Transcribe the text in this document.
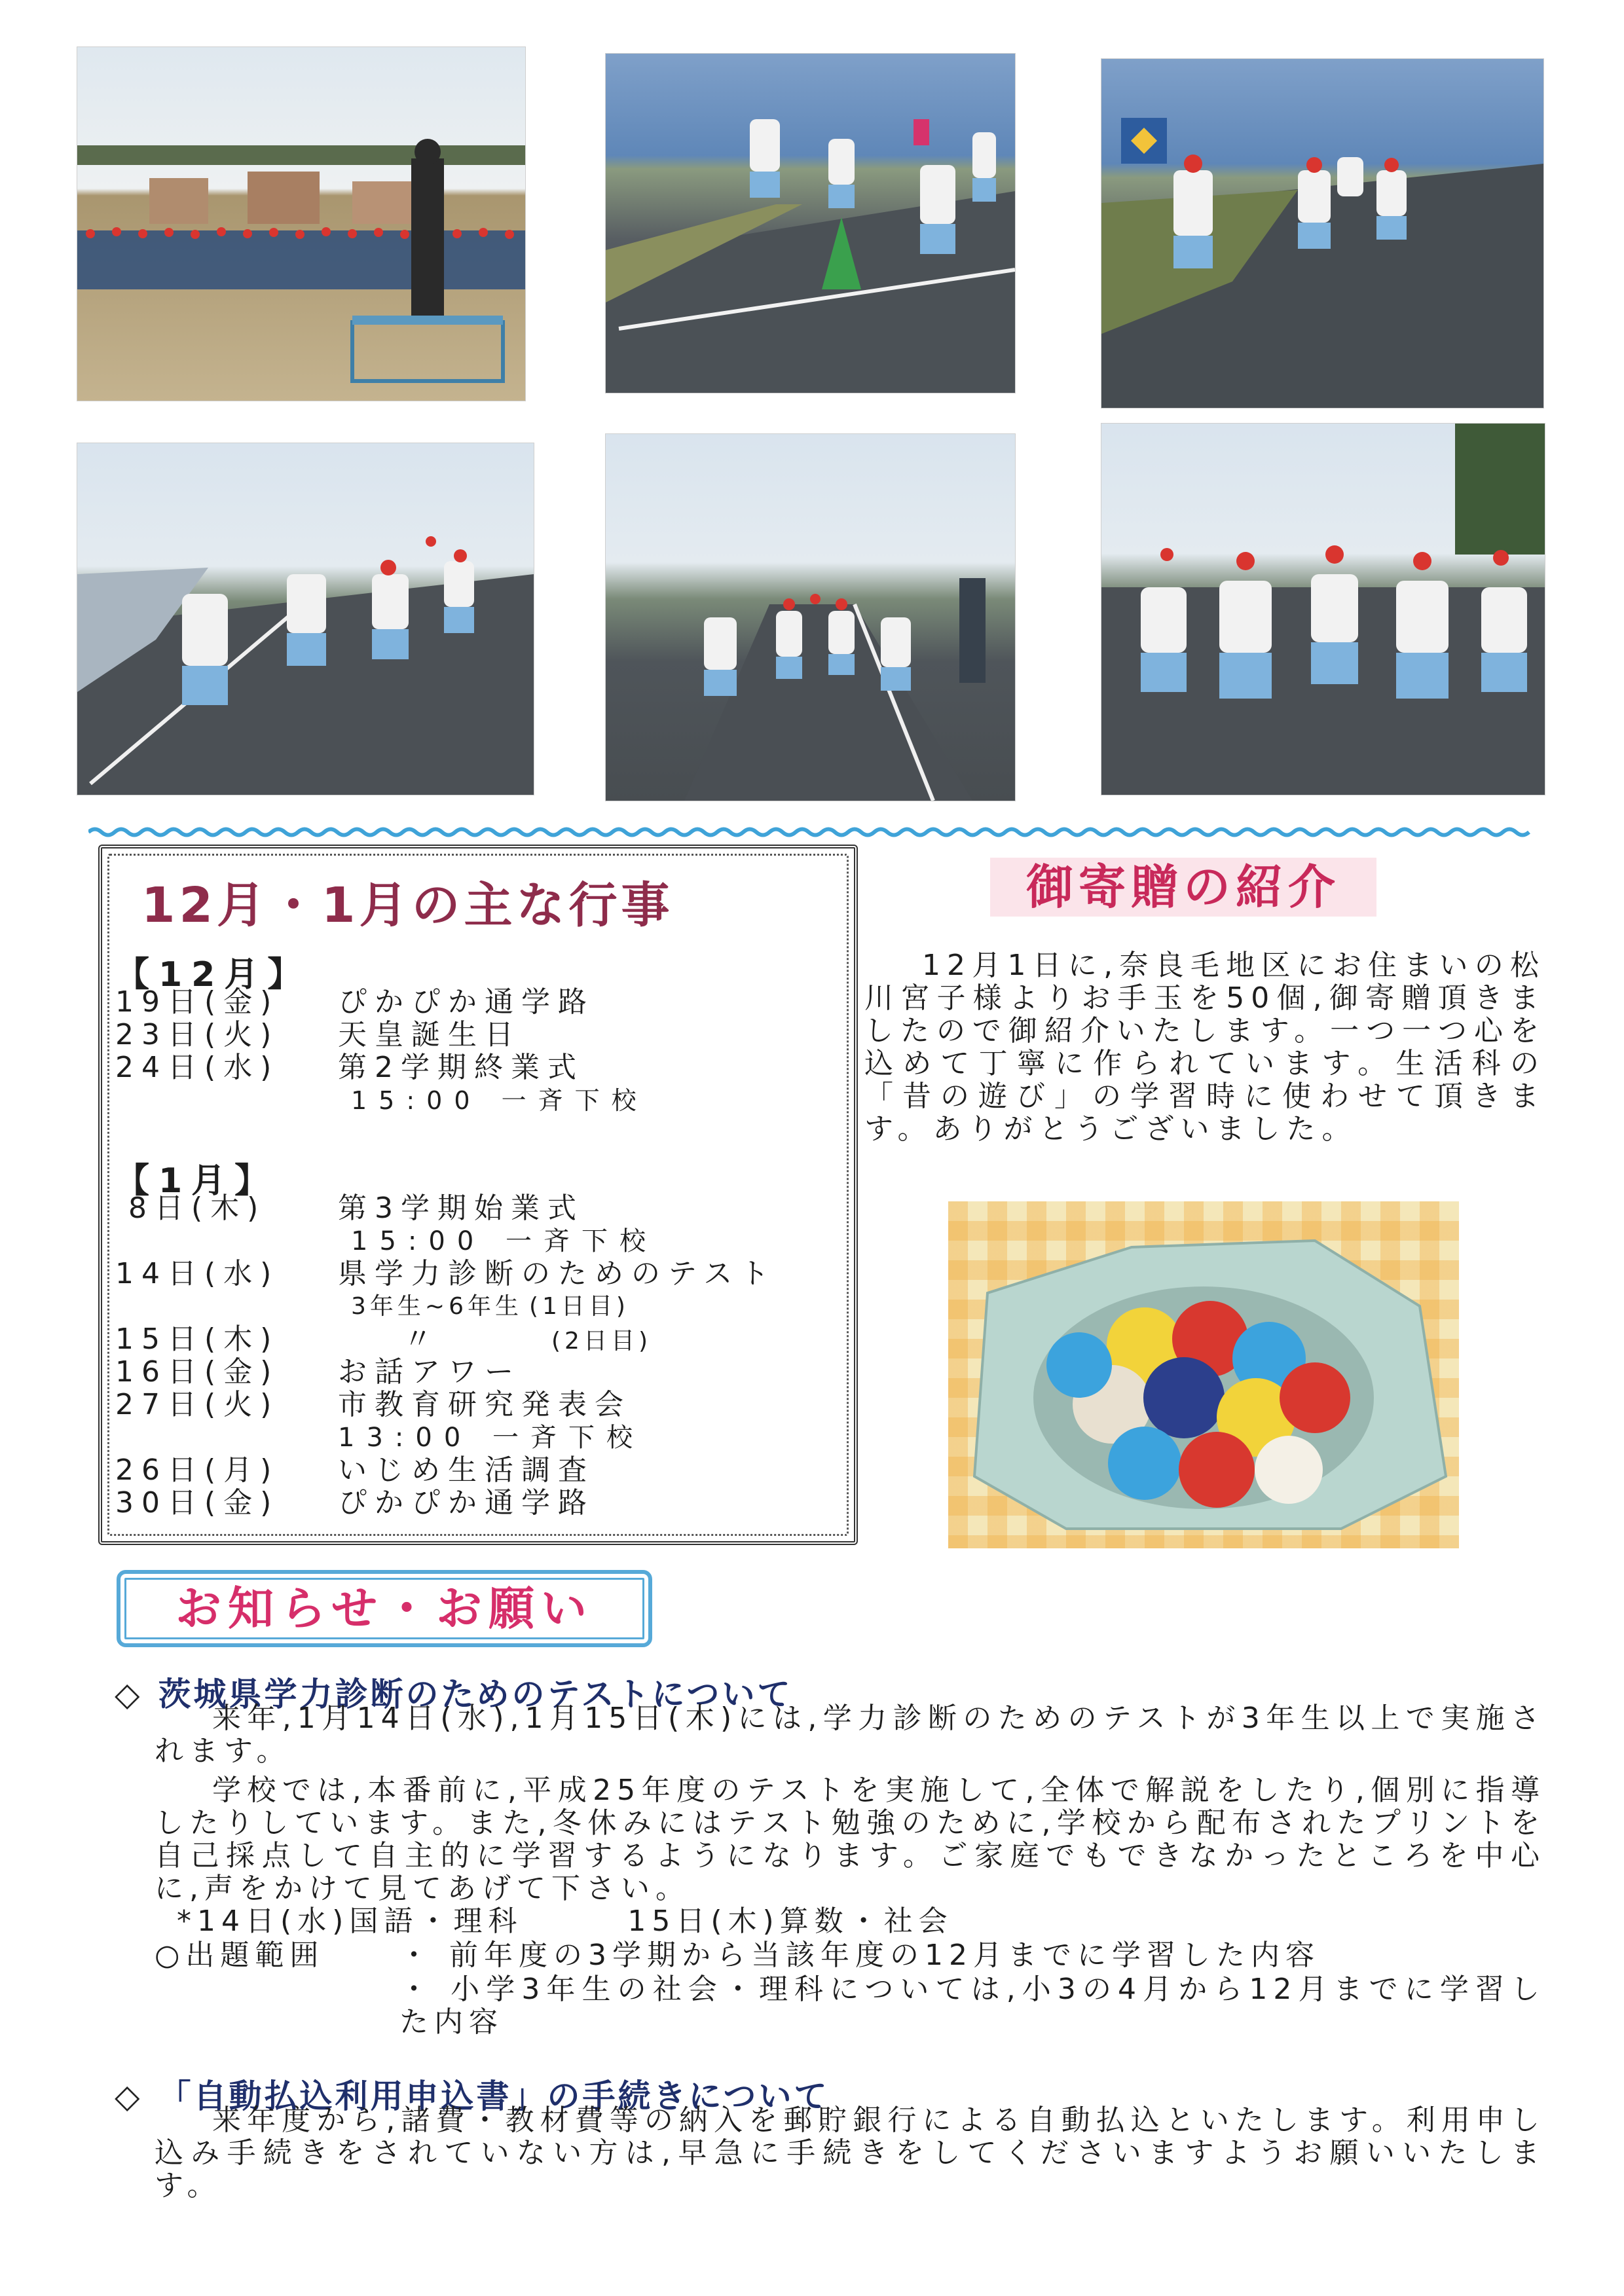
12月・1月の主な行事
【12月】
19日(金) ぴかぴか通学路
23日(火) 天皇誕生日
24日(水) 第2学期終業式
15:00 一斉下校
【1月】
8日(木) 第3学期始業式
15:00 一斉下校
14日(水) 県学力診断のためのテスト
3年生~6年生 (1日目)
15日(木)	〃	(2日目)
16日(金) お話アワー
27日(火) 市教育研究発表会
13:00 一斉下校
26日(月) いじめ生活調査
30日(金) ぴかぴか通学路
御寄贈の紹介
12月1日に,奈良毛地区にお住まいの松川宮子様よりお手玉を50個,御寄贈頂きましたので御紹介いたします。一つ一つ心を込めて丁寧に作られています。生活科の「昔の遊び」の学習時に使わせて頂きます。ありがとうございました。
お知らせ・お願い
◇ 茨城県学力診断のためのテストについて
来年,1月14日(水),1月15日(木)には,学力診断のためのテストが3年生以上で実施されます。
学校では,本番前に,平成25年度のテストを実施して,全体で解説をしたり,個別に指導したりしています。また,冬休みにはテスト勉強のために,学校から配布されたプリントを自己採点して自主的に学習するようになります。ご家庭でもできなかったところを中心に,声をかけて見てあげて下さい。
*14日(水)国語・理科	15日(木)算数・社会
○出題範囲	・ 前年度の3学期から当該年度の12月までに学習した内容
・ 小学3年生の社会・理科については,小3の4月から12月までに学習した内容
◇ 「自動払込利用申込書」の手続きについて
来年度から,諸費・教材費等の納入を郵貯銀行による自動払込といたします。利用申し込み手続きをされていない方は,早急に手続きをしてくださいますようお願いいたします。
